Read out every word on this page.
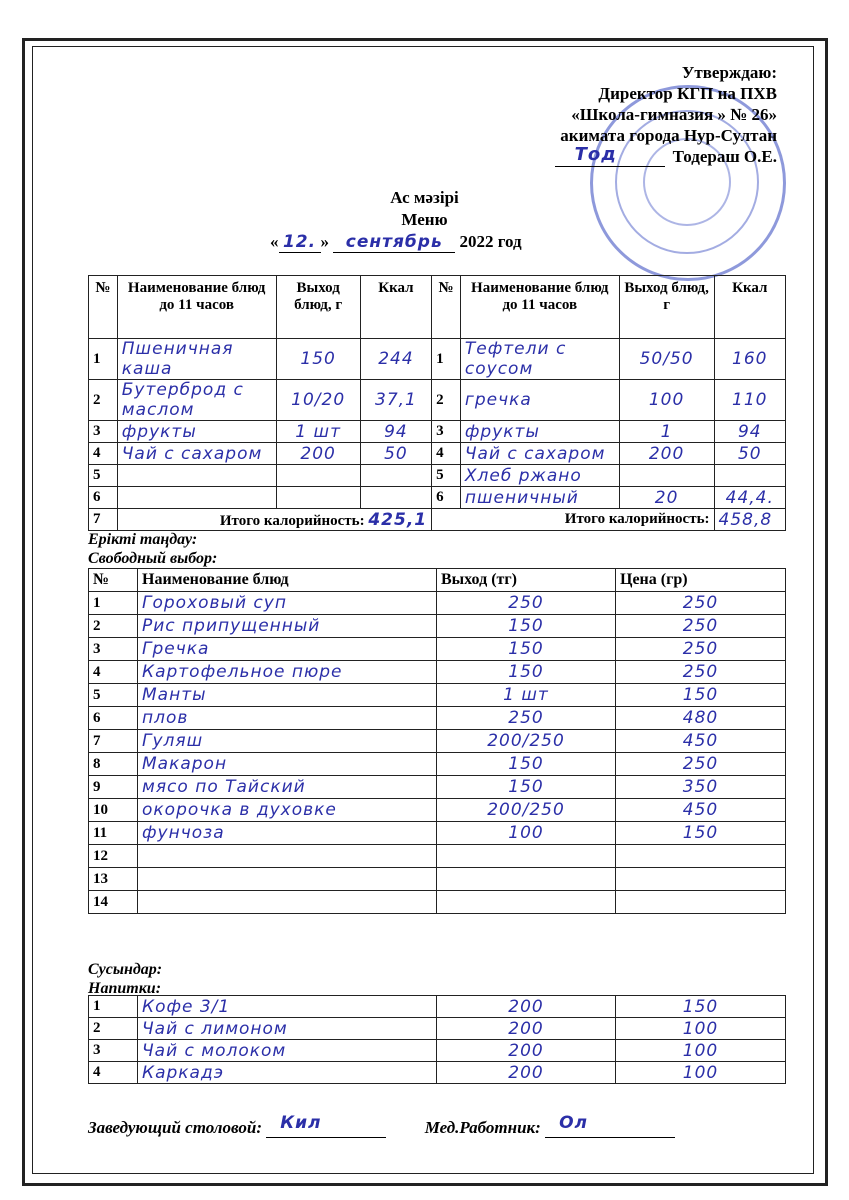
Утверждаю:
Директор КГП на ПХВ
«Школа-гимназия » № 26»
акимата города Нур-Султан
Тод	Тодераш О.Е.
Ас мәзірі
Меню
« 12. » сентябрь 2022 год
№	Наименование блюд до 11 часов	Выход блюд, г	Ккал	№	Наименование блюд до 11 часов	Выход блюд, г	Ккал
1	Пшеничная каша	150	244	1	Тефтели с соусом	50/50	160
2	Бутерброд с маслом	10/20	37,1	2	гречка	100	110
3	фрукты	1 шт	94	3	фрукты	1	94
4	Чай с сахаром	200	50	4	Чай с сахаром	200	50
5				5	Хлеб ржано		
6				6	пшеничный	20	44,4.
7	Итого калорийность: 425,1			Итого калорийность:			458,8
Ерікті таңдау:
Свободный выбор:
№	Наименование блюд	Выход (тг)	Цена (гр)
1	Гороховый суп	250	250
2	Рис припущенный	150	250
3	Гречка	150	250
4	Картофельное пюре	150	250
5	Манты	1 шт	150
6	плов	250	480
7	Гуляш	200/250	450
8	Макарон	150	250
9	мясо по Тайский	150	350
10	окорочка в духовке	200/250	450
11	фунчоза	100	150
12			
13			
14			
Сусындар:
Напитки:
1	Кофе 3/1	200	150
2	Чай с лимоном	200	100
3	Чай с молоком	200	100
4	Каркадэ	200	100
Заведующий столовой: Кил	Мед.Работник: Ол
